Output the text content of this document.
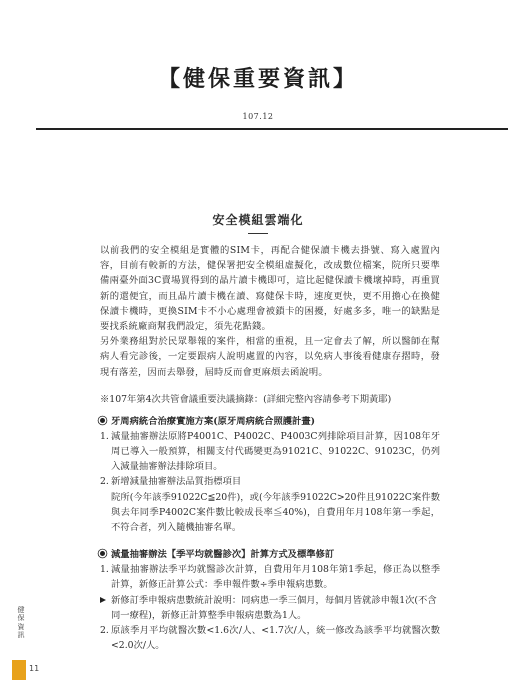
【健保重要資訊】
107.12
安全模組雲端化
以前我們的安全模組是實體的SIM卡，再配合健保讀卡機去掛號、寫入處置內容，目前有較新的方法，健保署把安全模組虛擬化，改成數位檔案，院所只要準備兩臺外面3C賣場買得到的晶片讀卡機即可，這比起健保讀卡機壞掉時，再重買新的還便宜，而且晶片讀卡機在讀、寫健保卡時，速度更快，更不用擔心在換健保讀卡機時，更換SIM卡不小心處理會被鎖卡的困擾，好處多多，唯一的缺點是要找系統廠商幫我們設定，須先花點錢。
另外業務組對於民眾舉報的案件，相當的重視，且一定會去了解，所以醫師在幫病人看完診後，一定要跟病人說明處置的內容，以免病人事後看健康存摺時，發現有落差，因而去舉發，屆時反而會更麻煩去函說明。
※107年第4次共管會議重要決議摘錄：(詳細完整內容請參考下期黃耶)
牙周病統合治療實施方案(原牙周病統合照護計畫)
1. 減量抽審辦法原將P4001C、P4002C、P4003C列排除項目計算，因108年牙周已導入一般預算，相關支付代碼變更為91021C、91022C、91023C，仍列入減量抽審辦法排除項目。
2. 新增減量抽審辦法品質指標項目
院所(今年該季91022C≦20件)，或(今年該季91022C>20件且91022C案件數與去年同季P4002C案件數比較成長率≦40%)，自費用年月108年第一季起，不符合者，列入隨機抽審名單。
減量抽審辦法【季平均就醫診次】計算方式及標準修訂
1. 減量抽審辦法季平均就醫診次計算，自費用年月108年第1季起，修正為以整季計算，新修正計算公式：季申報件數÷季申報病患數。
新修訂季申報病患數統計說明：同病患一季三個月，每個月皆就診申報1次(不含同一療程)，新修正計算整季申報病患數為1人。
2. 原該季月平均就醫次數<1.6次/人、<1.7次/人，統一修改為該季平均就醫次數<2.0次/人。
健保資訊
11
